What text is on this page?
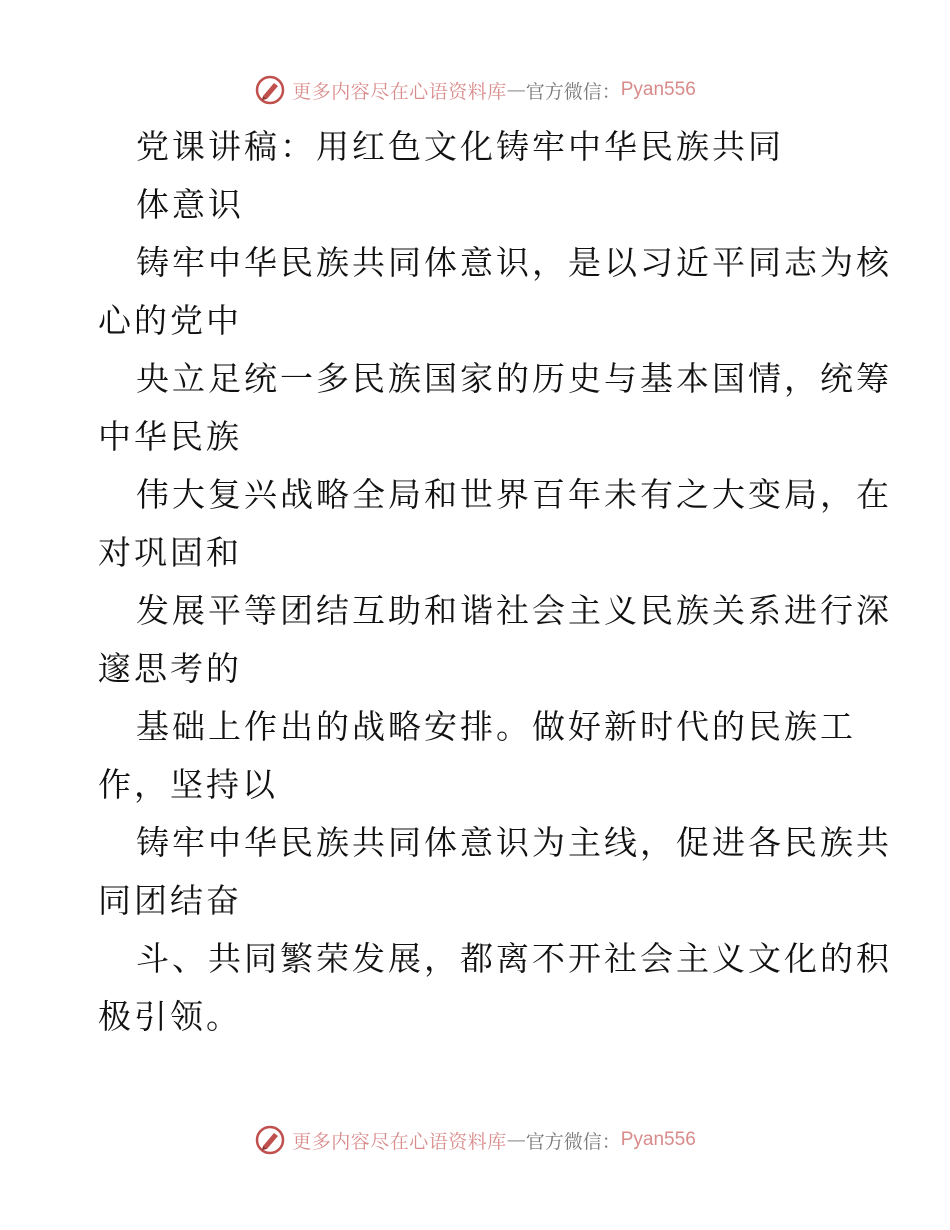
更多内容尽在心语资料库 — 官方微信： Pyan556
党课讲稿：用红色文化铸牢中华民族共同
体意识
铸牢中华民族共同体意识，是以习近平同志为核
心的党中
央立足统一多民族国家的历史与基本国情，统筹
中华民族
伟大复兴战略全局和世界百年未有之大变局，在
对巩固和
发展平等团结互助和谐社会主义民族关系进行深
邃思考的
基础上作出的战略安排。做好新时代的民族工
作，坚持以
铸牢中华民族共同体意识为主线，促进各民族共
同团结奋
斗、共同繁荣发展，都离不开社会主义文化的积
极引领。
更多内容尽在心语资料库 — 官方微信： Pyan556
